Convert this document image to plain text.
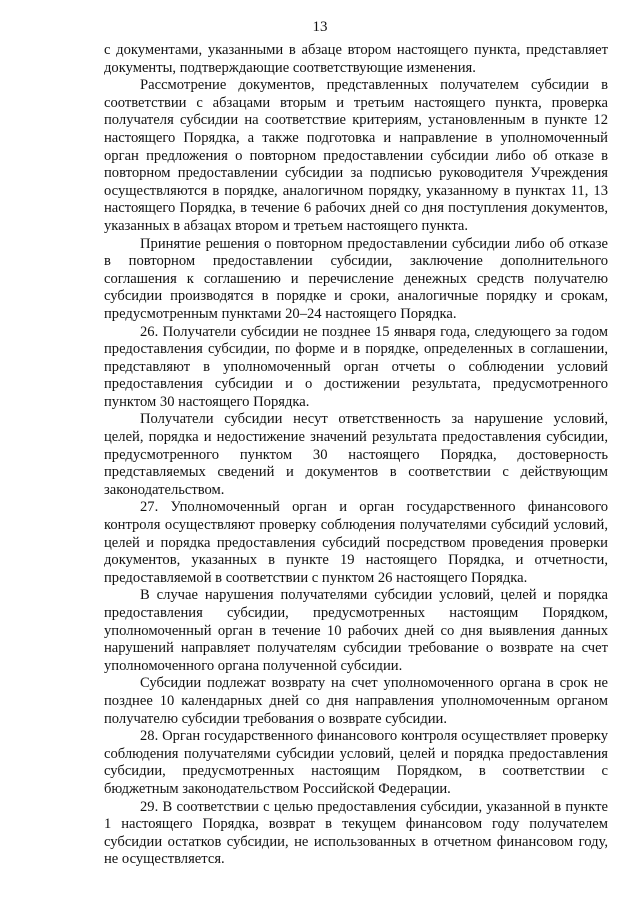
13

с документами, указанными в абзаце втором настоящего пункта, представляет документы, подтверждающие соответствующие изменения.

Рассмотрение документов, представленных получателем субсидии в соответствии с абзацами вторым и третьим настоящего пункта, проверка получателя субсидии на соответствие критериям, установленным в пункте 12 настоящего Порядка, а также подготовка и направление в уполномоченный орган предложения о повторном предоставлении субсидии либо об отказе в повторном предоставлении субсидии за подписью руководителя Учреждения осуществляются в порядке, аналогичном порядку, указанному в пунктах 11, 13 настоящего Порядка, в течение 6 рабочих дней со дня поступления документов, указанных в абзацах втором и третьем настоящего пункта.

Принятие решения о повторном предоставлении субсидии либо об отказе в повторном предоставлении субсидии, заключение дополнительного соглашения к соглашению и перечисление денежных средств получателю субсидии производятся в порядке и сроки, аналогичные порядку и срокам, предусмотренным пунктами 20–24 настоящего Порядка.

26. Получатели субсидии не позднее 15 января года, следующего за годом предоставления субсидии, по форме и в порядке, определенных в соглашении, представляют в уполномоченный орган отчеты о соблюдении условий предоставления субсидии и о достижении результата, предусмотренного пунктом 30 настоящего Порядка.

Получатели субсидии несут ответственность за нарушение условий, целей, порядка и недостижение значений результата предоставления субсидии, предусмотренного пунктом 30 настоящего Порядка, достоверность представляемых сведений и документов в соответствии с действующим законодательством.

27. Уполномоченный орган и орган государственного финансового контроля осуществляют проверку соблюдения получателями субсидий условий, целей и порядка предоставления субсидий посредством проведения проверки документов, указанных в пункте 19 настоящего Порядка, и отчетности, предоставляемой в соответствии с пунктом 26 настоящего Порядка.

В случае нарушения получателями субсидии условий, целей и порядка предоставления субсидии, предусмотренных настоящим Порядком, уполномоченный орган в течение 10 рабочих дней со дня выявления данных нарушений направляет получателям субсидии требование о возврате на счет уполномоченного органа полученной субсидии.

Субсидии подлежат возврату на счет уполномоченного органа в срок не позднее 10 календарных дней со дня направления уполномоченным органом получателю субсидии требования о возврате субсидии.

28. Орган государственного финансового контроля осуществляет проверку соблюдения получателями субсидии условий, целей и порядка предоставления субсидии, предусмотренных настоящим Порядком, в соответствии с бюджетным законодательством Российской Федерации.

29. В соответствии с целью предоставления субсидии, указанной в пункте 1 настоящего Порядка, возврат в текущем финансовом году получателем субсидии остатков субсидии, не использованных в отчетном финансовом году, не осуществляется.
